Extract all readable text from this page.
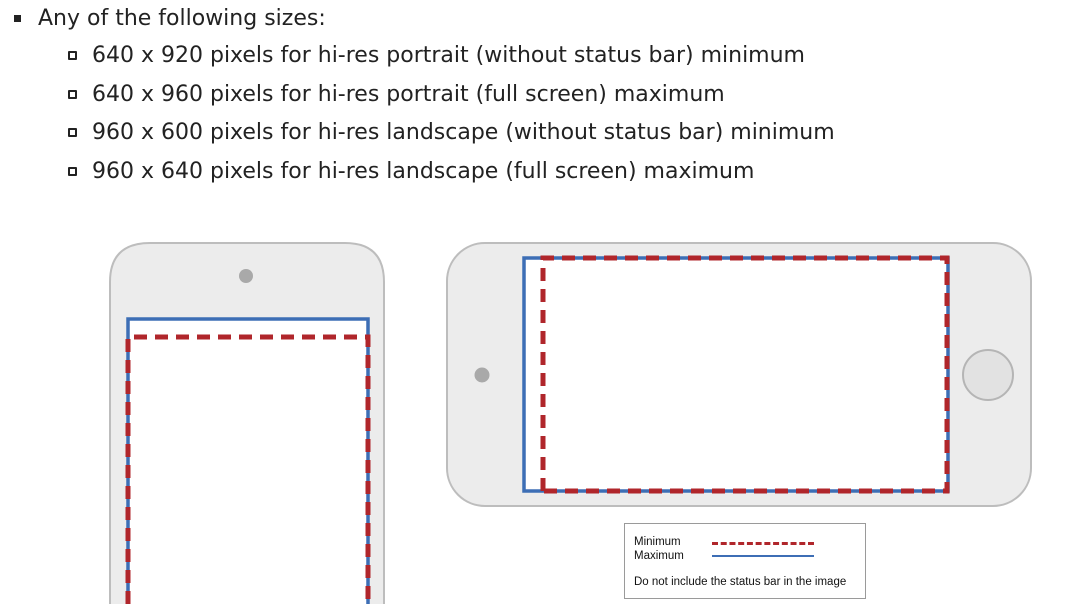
Any of the following sizes:
640 x 920 pixels for hi-res portrait (without status bar) minimum
640 x 960 pixels for hi-res portrait (full screen) maximum
960 x 600 pixels for hi-res landscape (without status bar) minimum
960 x 640 pixels for hi-res landscape (full screen) maximum
Minimum
Maximum
Do not include the status bar in the image
